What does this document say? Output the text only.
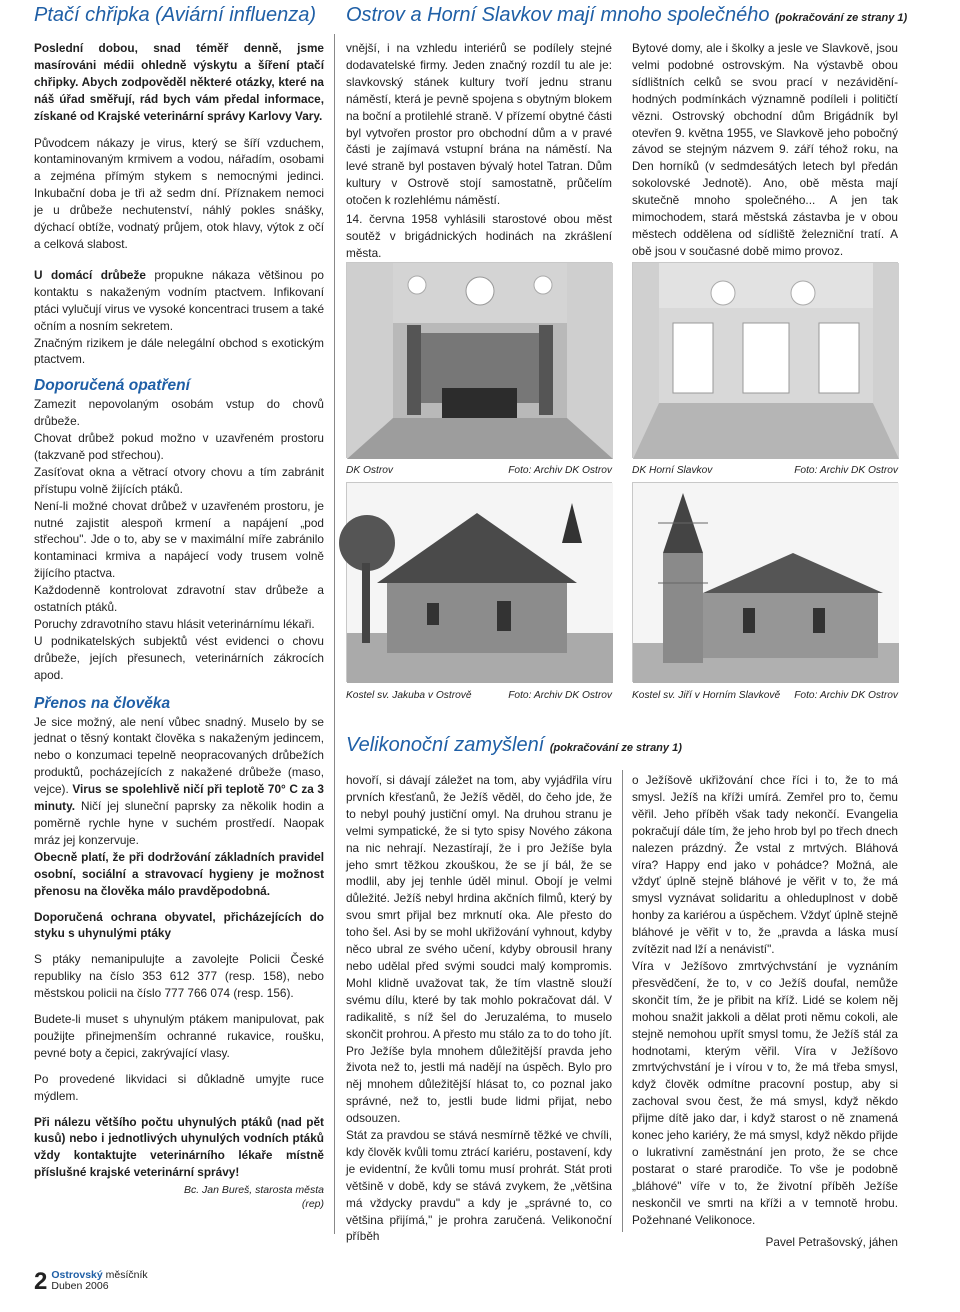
Ptačí chřipka (Aviární influenza) Ostrov a Horní Slavkov mají mnoho společného (pokračování ze strany 1)

Poslední dobou, snad téměř denně, jsme masírováni médii ohledně výskytu a šíření ptačí chřipky. Abych zodpověděl některé otázky, které na náš úřad směřují, rád bych vám předal informace, získané od Krajské veterinární správy Karlovy Vary.

Původcem nákazy je virus, který se šíří vzduchem, kontaminovaným krmivem a vodou, nářadím, osobami a zejména přímým stykem s nemocnými jedinci. Inkubační doba je tři až sedm dní. Příznakem nemoci je u drůbeže nechutenství, náhlý pokles snášky, dýchací obtíže, vodnatý průjem, otok hlavy, výtok z očí a celková slabost.

U domácí drůbeže propukne nákaza většinou po kontaktu s nakaženým vodním ptactvem. Infikovaní ptáci vylučují virus ve vysoké koncentraci trusem a také očním a nosním sekretem.
Značným rizikem je dále nelegální obchod s exotickým ptactvem.

Doporučená opatření
Zamezit nepovolaným osobám vstup do chovů drůbeže.
Chovat drůbež pokud možno v uzavřeném prostoru (takzvaně pod střechou).
Zasíťovat okna a větrací otvory chovu a tím zabránit přístupu volně žijících ptáků.
Není-li možné chovat drůbež v uzavřeném prostoru, je nutné zajistit alespoň krmení a napájení „pod střechou". Jde o to, aby se v maximální míře zabránilo kontaminaci krmiva a napájecí vody trusem volně žijícího ptactva.
Každodenně kontrolovat zdravotní stav drůbeže a ostatních ptáků.
Poruchy zdravotního stavu hlásit veterinárnímu lékaři.
U podnikatelských subjektů vést evidenci o chovu drůbeže, jejích přesunech, veterinárních zákrocích apod.
Přenos na člověka

Je sice možný, ale není vůbec snadný. Muselo by se jednat o těsný kontakt člověka s nakaženým jedincem, nebo o konzumaci tepelně neopracovaných drůbežích produktů, pocházejících z nakažené drůbeže (maso, vejce). Virus se spolehlivě ničí při teplotě 70° C za 3 minuty. Ničí jej sluneční paprsky za několik hodin a poměrně rychle hyne v suchém prostředí. Naopak mráz jej konzervuje.
Obecně platí, že při dodržování základních pravidel osobní, sociální a stravovací hygieny je možnost přenosu na člověka málo pravděpodobná.

Doporučená ochrana obyvatel, přicházejících do styku s uhynulými ptáky

S ptáky nemanipulujte a zavolejte Policii České republiky na číslo 353 612 377 (resp. 158), nebo městskou policii na číslo 777 766 074 (resp. 156).

Budete-li muset s uhynulým ptákem manipulovat, pak použijte přinejmenším ochranné rukavice, roušku, pevné boty a čepici, zakrývající vlasy.

Po provedené likvidaci si důkladně umyjte ruce mýdlem.

Při nálezu většího počtu uhynulých ptáků (nad pět kusů) nebo i jednotlivých uhynulých vodních ptáků vždy kontaktujte veterinárního lékaře místně příslušné krajské veterinární správy!

Bc. Jan Bureš, starosta města
(rep)

vnější, i na vzhledu interiérů se podílely stejné dodavatelské firmy. Jeden značný rozdíl tu ale je: slavkovský stánek kultury tvoří jednu stranu náměstí, která je pevně spojena s obytným blokem na boční a protilehlé straně. V přízemí obytné části byl vytvořen prostor pro obchodní dům a v pravé části je zajímavá vstupní brána na náměstí. Na levé straně byl postaven bývalý hotel Tatran. Dům kultury v Ostrově stojí samostatně, průčelím otočen k rozlehlému náměstí.

14. června 1958 vyhlásili starostové obou měst soutěž v brigádnických hodinách na zkrášlení města.

Bytové domy, ale i školky a jesle ve Slavkově, jsou velmi podobné ostrovským. Na výstavbě obou sídlištních celků se svou prací v nezáviděníhodných podmínkách významně podíleli i političtí vězni. Ostrovský obchodní dům Brigádník byl otevřen 9. května 1955, ve Slavkově jeho pobočný závod se stejným názvem 9. září téhož roku, na Den horníků (v sedmdesátých letech byl předán sokolovské Jednotě). Ano, obě města mají skutečně mnoho společného... A jen tak mimochodem, stará městská zástavba je v obou městech oddělena od sídliště železniční tratí. A obě jsou v současné době mimo provoz.
DK Ostrov	Foto: Archiv DK Ostrov DK Horní Slavkov	Foto: Archiv DK Ostrov
Kostel sv. Jakuba v Ostrově	Foto: Archiv DK Ostrov Kostel sv. Jiří v Horním Slavkově Foto: Archiv DK Ostrov
Velikonoční zamyšlení (pokračování ze strany 1)

hovoří, si dávají záležet na tom, aby vyjádřila víru prvních křesťanů, že Ježíš věděl, do čeho jde, že to nebyl pouhý justiční omyl. Na druhou stranu je velmi sympatické, že si tyto spisy Nového zákona na nic nehrají. Nezastírají, že i pro Ježíše byla jeho smrt těžkou zkouškou, že se jí bál, že se modlil, aby jej tenhle úděl minul. Obojí je velmi důležité. Ježíš nebyl hrdina akčních filmů, který by svou smrt přijal bez mrknutí oka. Ale přesto do toho šel. Asi by se mohl ukřižování vyhnout, kdyby něco ubral ze svého učení, kdyby obrousil hrany nebo udělal před svými soudci malý kompromis. Mohl klidně uvažovat tak, že tím vlastně slouží svému dílu, které by tak mohlo pokračovat dál. V radikalitě, s níž šel do Jeruzaléma, to muselo skončit prohrou. A přesto mu stálo za to do toho jít. Pro Ježíše byla mnohem důležitější pravda jeho života než to, jestli má nadějí na úspěch. Bylo pro něj mnohem důležitější hlásat to, co poznal jako správné, než to, jestli bude lidmi přijat, nebo odsouzen.

Stát za pravdou se stává nesmírně těžké ve chvíli, kdy člověk kvůli tomu ztrácí kariéru, postavení, kdy je evidentní, že kvůli tomu musí prohrát. Stát proti většině v době, kdy se stává zvykem, že „většina má vždycky pravdu" a kdy je „správné to, co většina přijímá," je prohra zaručená. Velikonoční příběh

o Ježíšově ukřižování chce říci i to, že to má smysl. Ježíš na kříži umírá. Zemřel pro to, čemu věřil. Jeho příběh však tady nekončí. Evangelia pokračují dále tím, že jeho hrob byl po třech dnech nalezen prázdný. Že vstal z mrtvých. Bláhová víra? Happy end jako v pohádce? Možná, ale vždyť úplně stejně bláhové je věřit v to, že má smysl vyznávat solidaritu a ohleduplnost v době honby za kariérou a úspěchem. Vždyť úplně stejně bláhové je věřit v to, že „pravda a láska musí zvítězit nad lží a nenávistí".

Víra v Ježíšovo zmrtvýchvstání je vyznáním přesvědčení, že to, v co Ježíš doufal, nemůže skončit tím, že je přibit na kříž. Lidé se kolem něj mohou snažit jakkoli a dělat proti němu cokoli, ale stejně nemohou upřít smysl tomu, že Ježíš stál za hodnotami, kterým věřil. Víra v Ježíšovo zmrtvýchvstání je i vírou v to, že má třeba smysl, když člověk odmítne pracovní postup, aby si zachoval svou čest, že má smysl, když někdo přijme dítě jako dar, i když starost o ně znamená konec jeho kariéry, že má smysl, když někdo přijde o lukrativní zaměstnání jen proto, že se chce postarat o staré prarodiče. To vše je podobně „bláhové" víře v to, že životní příběh Ježíše neskončil ve smrti na kříži a v temnotě hrobu. Požehnané Velikonoce.

Pavel Petrašovský, jáhen
2 Ostrovský měsíčník
Duben 2006
